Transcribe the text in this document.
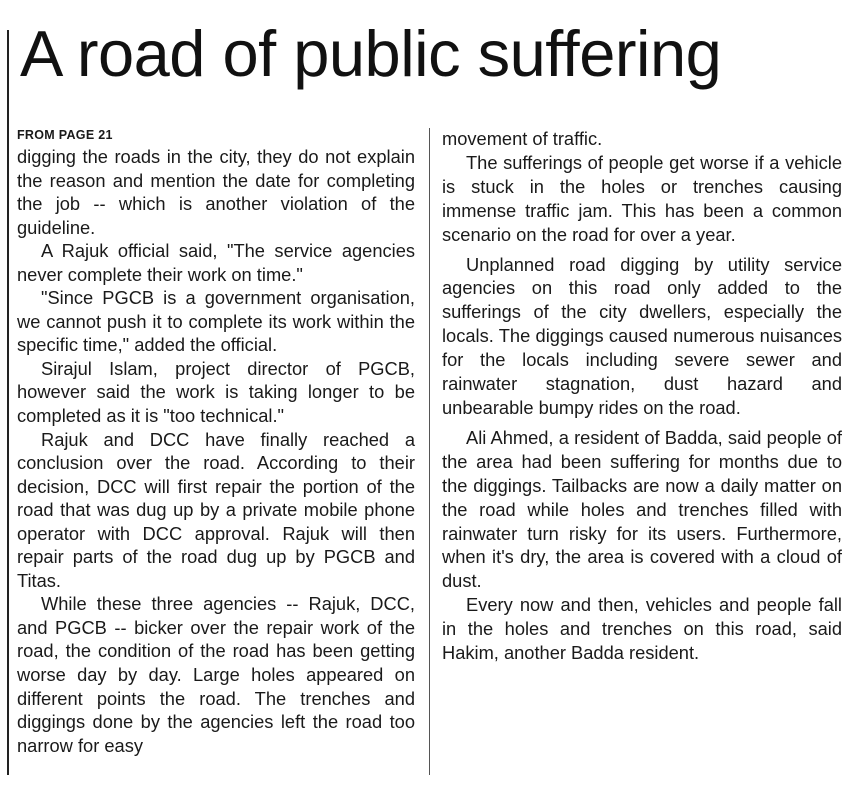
A road of public suffering

FROM PAGE 21

digging the roads in the city, they do not explain the reason and mention the date for completing the job -- which is another violation of the guideline.

A Rajuk official said, "The service agencies never complete their work on time."

"Since PGCB is a government organisation, we cannot push it to complete its work within the specific time," added the official.

Sirajul Islam, project director of PGCB, however said the work is taking longer to be completed as it is "too technical."

Rajuk and DCC have finally reached a conclusion over the road. According to their decision, DCC will first repair the portion of the road that was dug up by a private mobile phone operator with DCC approval. Rajuk will then repair parts of the road dug up by PGCB and Titas.

While these three agencies -- Rajuk, DCC, and PGCB -- bicker over the repair work of the road, the condition of the road has been getting worse day by day. Large holes appeared on different points the road. The trenches and diggings done by the agencies left the road too narrow for easy

movement of traffic.

The sufferings of people get worse if a vehicle is stuck in the holes or trenches causing immense traffic jam. This has been a common scenario on the road for over a year.

Unplanned road digging by utility service agencies on this road only added to the sufferings of the city dwellers, especially the locals. The diggings caused numerous nuisances for the locals including severe sewer and rainwater stagnation, dust hazard and unbearable bumpy rides on the road.

Ali Ahmed, a resident of Badda, said people of the area had been suffering for months due to the diggings. Tailbacks are now a daily matter on the road while holes and trenches filled with rainwater turn risky for its users. Furthermore, when it's dry, the area is covered with a cloud of dust.

Every now and then, vehicles and people fall in the holes and trenches on this road, said Hakim, another Badda resident.
